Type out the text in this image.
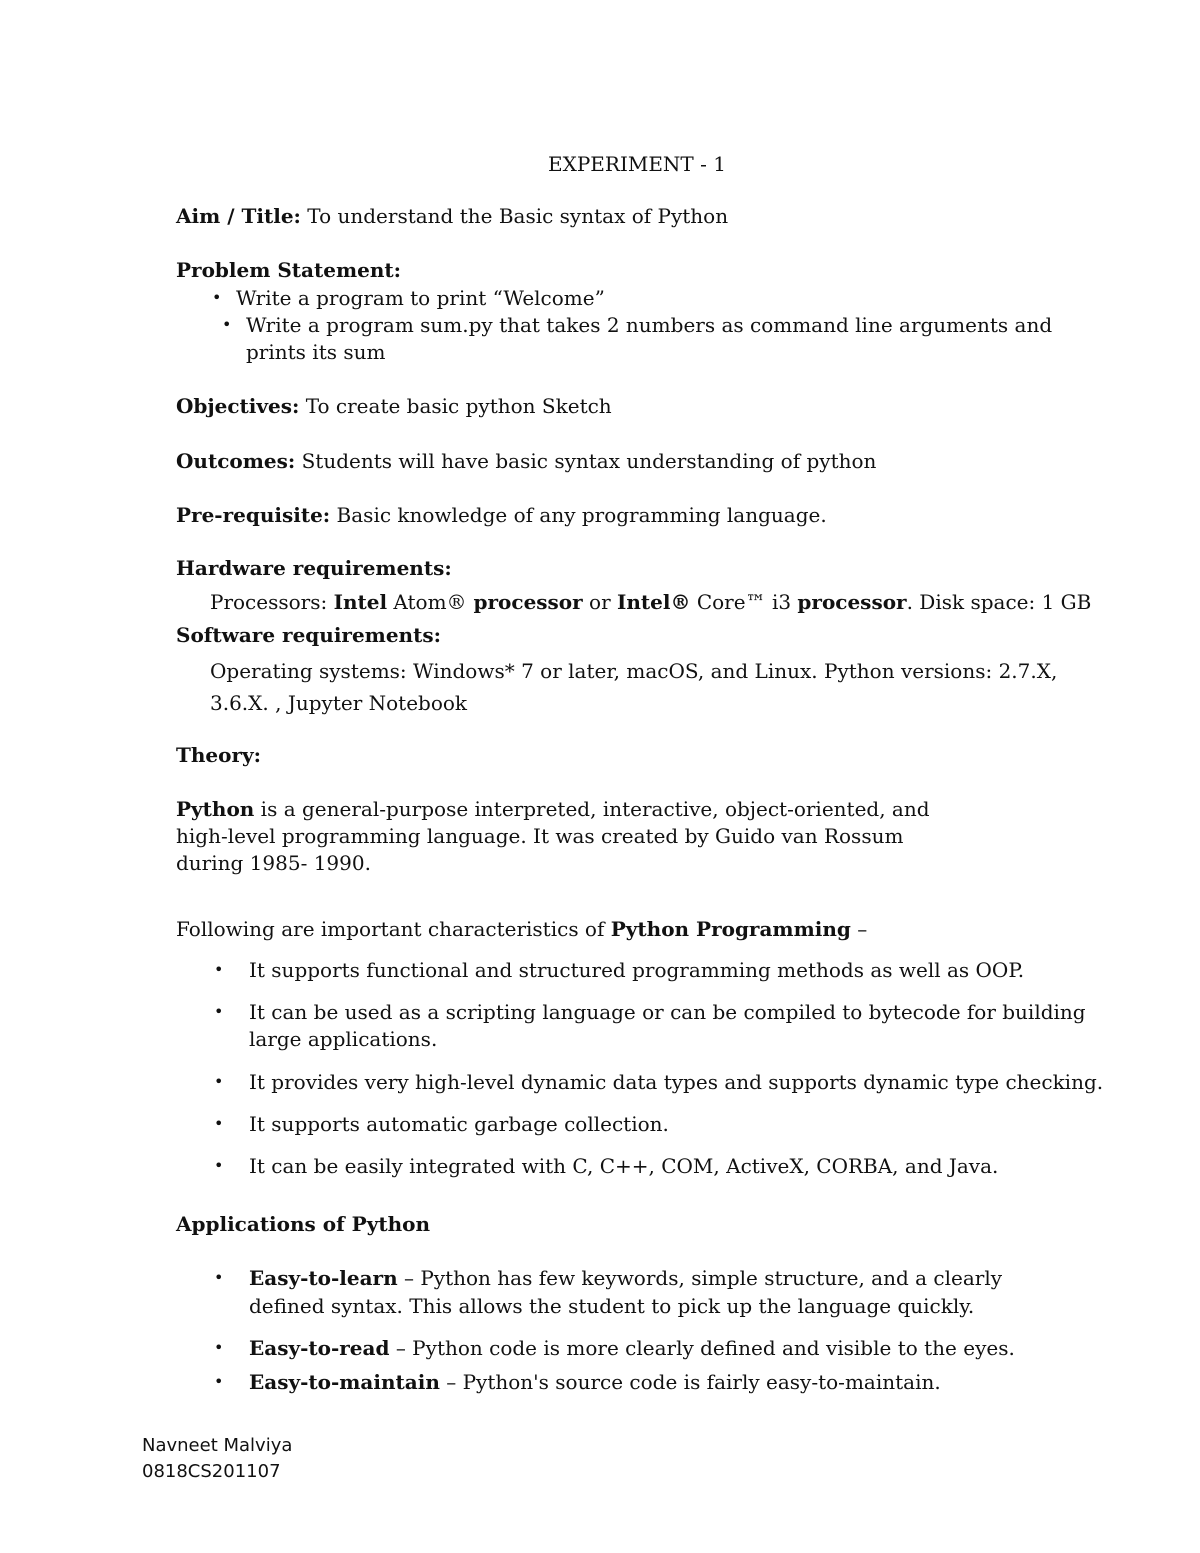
EXPERIMENT - 1
Aim / Title: To understand the Basic syntax of Python
Problem Statement:
• Write a program to print “Welcome”
• Write a program sum.py that takes 2 numbers as command line arguments and
prints its sum
Objectives: To create basic python Sketch
Outcomes: Students will have basic syntax understanding of python
Pre-requisite: Basic knowledge of any programming language.
Hardware requirements:
Processors: Intel Atom® processor or Intel® Core™ i3 processor. Disk space: 1 GB
Software requirements:
Operating systems: Windows* 7 or later, macOS, and Linux. Python versions: 2.7.X,
3.6.X. , Jupyter Notebook
Theory:
Python is a general-purpose interpreted, interactive, object-oriented, and
high-level programming language. It was created by Guido van Rossum
during 1985- 1990.
Following are important characteristics of Python Programming –
• It supports functional and structured programming methods as well as OOP.
• It can be used as a scripting language or can be compiled to bytecode for building
large applications.
• It provides very high-level dynamic data types and supports dynamic type checking.
• It supports automatic garbage collection.
• It can be easily integrated with C, C++, COM, ActiveX, CORBA, and Java.
Applications of Python
• Easy-to-learn – Python has few keywords, simple structure, and a clearly
defined syntax. This allows the student to pick up the language quickly.
• Easy-to-read – Python code is more clearly defined and visible to the eyes.
• Easy-to-maintain – Python's source code is fairly easy-to-maintain.
Navneet Malviya
0818CS201107
